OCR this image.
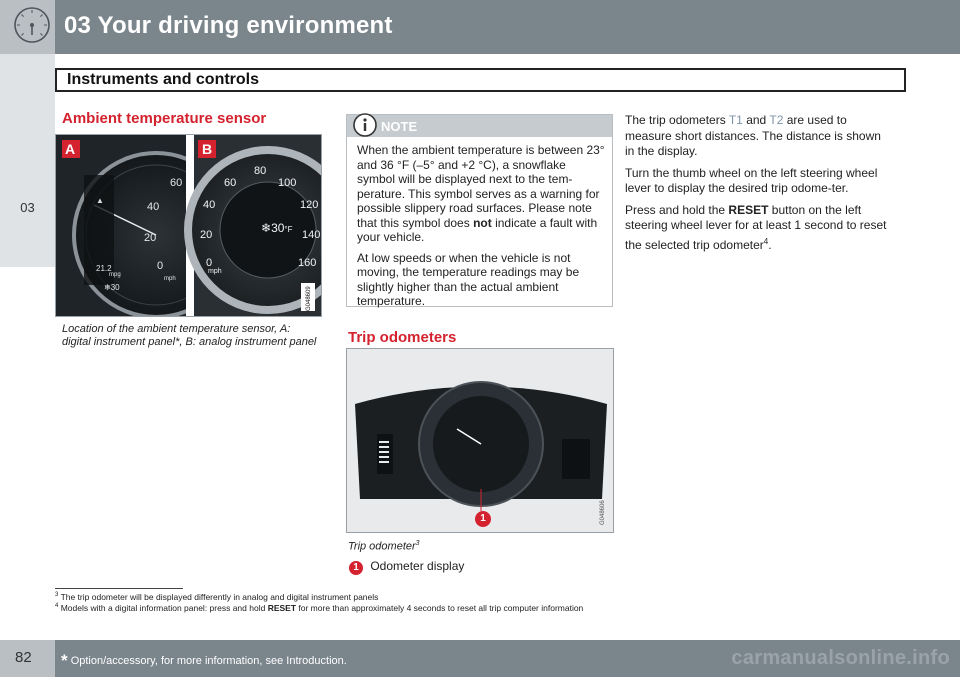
03 Your driving environment
03
Instruments and controls
Ambient temperature sensor
▲
A	B
60
40
20
0
mph
21.2
mpg
❄30
80
100
60
120
40
140
20
160
0
mph
❄30°F
G048609
Location of the ambient temperature sensor, A: digital instrument panel*, B: analog instrument panel
NOTE

When the ambient temperature is between 23° and 36 °F (–5° and +2 °C), a snowflake symbol will be displayed next to the tem-perature. This symbol serves as a warning for possible slippery road surfaces. Please note that this symbol does not indicate a fault with your vehicle.

At low speeds or when the vehicle is not moving, the temperature readings may be slightly higher than the actual ambient temperature.

Trip odometers
1	G048606
Trip odometer$^3$
1 Odometer display

The trip odometers T1 and T2 are used to measure short distances. The distance is shown in the display.

Turn the thumb wheel on the left steering wheel lever to display the desired trip odome-ter.

Press and hold the RESET button on the left steering wheel lever for at least 1 second to reset the selected trip odometer$^4$.

$^3$ The trip odometer will be displayed differently in analog and digital instrument panels
$^4$ Models with a digital information panel: press and hold RESET for more than approximately 4 seconds to reset all trip computer information
82 * Option/accessory, for more information, see Introduction.	carmanualsonline.info
